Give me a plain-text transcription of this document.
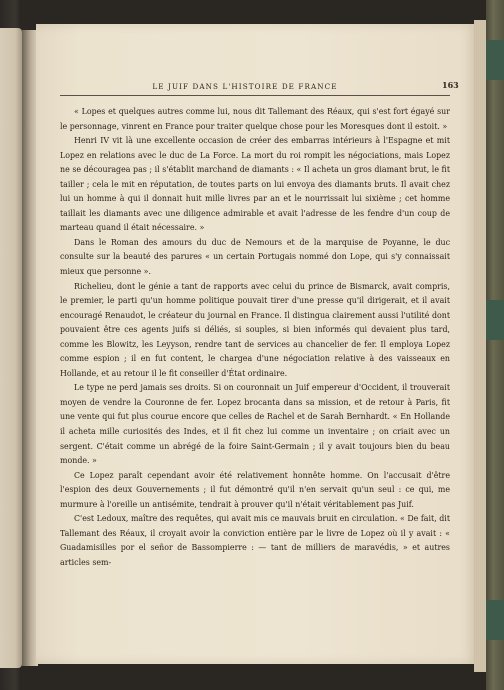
LE JUIF DANS L'HISTOIRE DE FRANCE	163

« Lopes et quelques autres comme lui, nous dit Tallemant des Réaux, qui s'est fort égayé sur le personnage, vinrent en France pour traiter quelque chose pour les Moresques dont il estoit. »

Henri IV vit là une excellente occasion de créer des embarras intérieurs à l'Espagne et mit Lopez en relations avec le duc de La Force. La mort du roi rompit les négociations, mais Lopez ne se découragea pas ; il s'établit marchand de diamants : « Il acheta un gros diamant brut, le fit tailler ; cela le mit en réputation, de toutes parts on lui envoya des diamants bruts. Il avait chez lui un homme à qui il donnait huit mille livres par an et le nourrissait lui sixième ; cet homme taillait les diamants avec une diligence admirable et avait l'adresse de les fendre d'un coup de marteau quand il était nécessaire. »

Dans le Roman des amours du duc de Nemours et de la marquise de Poyanne, le duc consulte sur la beauté des parures « un certain Portugais nommé don Lope, qui s'y connaissait mieux que personne ».

Richelieu, dont le génie a tant de rapports avec celui du prince de Bismarck, avait compris, le premier, le parti qu'un homme politique pouvait tirer d'une presse qu'il dirigerait, et il avait encouragé Renaudot, le créateur du journal en France. Il distingua clairement aussi l'utilité dont pouvaient être ces agents juifs si déliés, si souples, si bien informés qui devaient plus tard, comme les Blowitz, les Leyyson, rendre tant de services au chancelier de fer. Il employa Lopez comme espion ; il en fut content, le chargea d'une négociation relative à des vaisseaux en Hollande, et au retour il le fit conseiller d'État ordinaire.

Le type ne perd jamais ses droits. Si on couronnait un Juif empereur d'Occident, il trouverait moyen de vendre la Couronne de fer. Lopez brocanta dans sa mission, et de retour à Paris, fit une vente qui fut plus courue encore que celles de Rachel et de Sarah Bernhardt. « En Hollande il acheta mille curiosités des Indes, et il fit chez lui comme un inventaire ; on criait avec un sergent. C'était comme un abrégé de la foire Saint-Germain ; il y avait toujours bien du beau monde. »

Ce Lopez paraît cependant avoir été relativement honnête homme. On l'accusait d'être l'espion des deux Gouvernements ; il fut démontré qu'il n'en servait qu'un seul : ce qui, me murmure à l'oreille un antisémite, tendrait à prouver qu'il n'était véritablement pas Juif.

C'est Ledoux, maître des requêtes, qui avait mis ce mauvais bruit en circulation. « De fait, dit Tallemant des Réaux, il croyait avoir la conviction entière par le livre de Lopez où il y avait : « Guadamisilles por el señor de Bassompierre : — tant de milliers de maravédis, » et autres articles sem-
